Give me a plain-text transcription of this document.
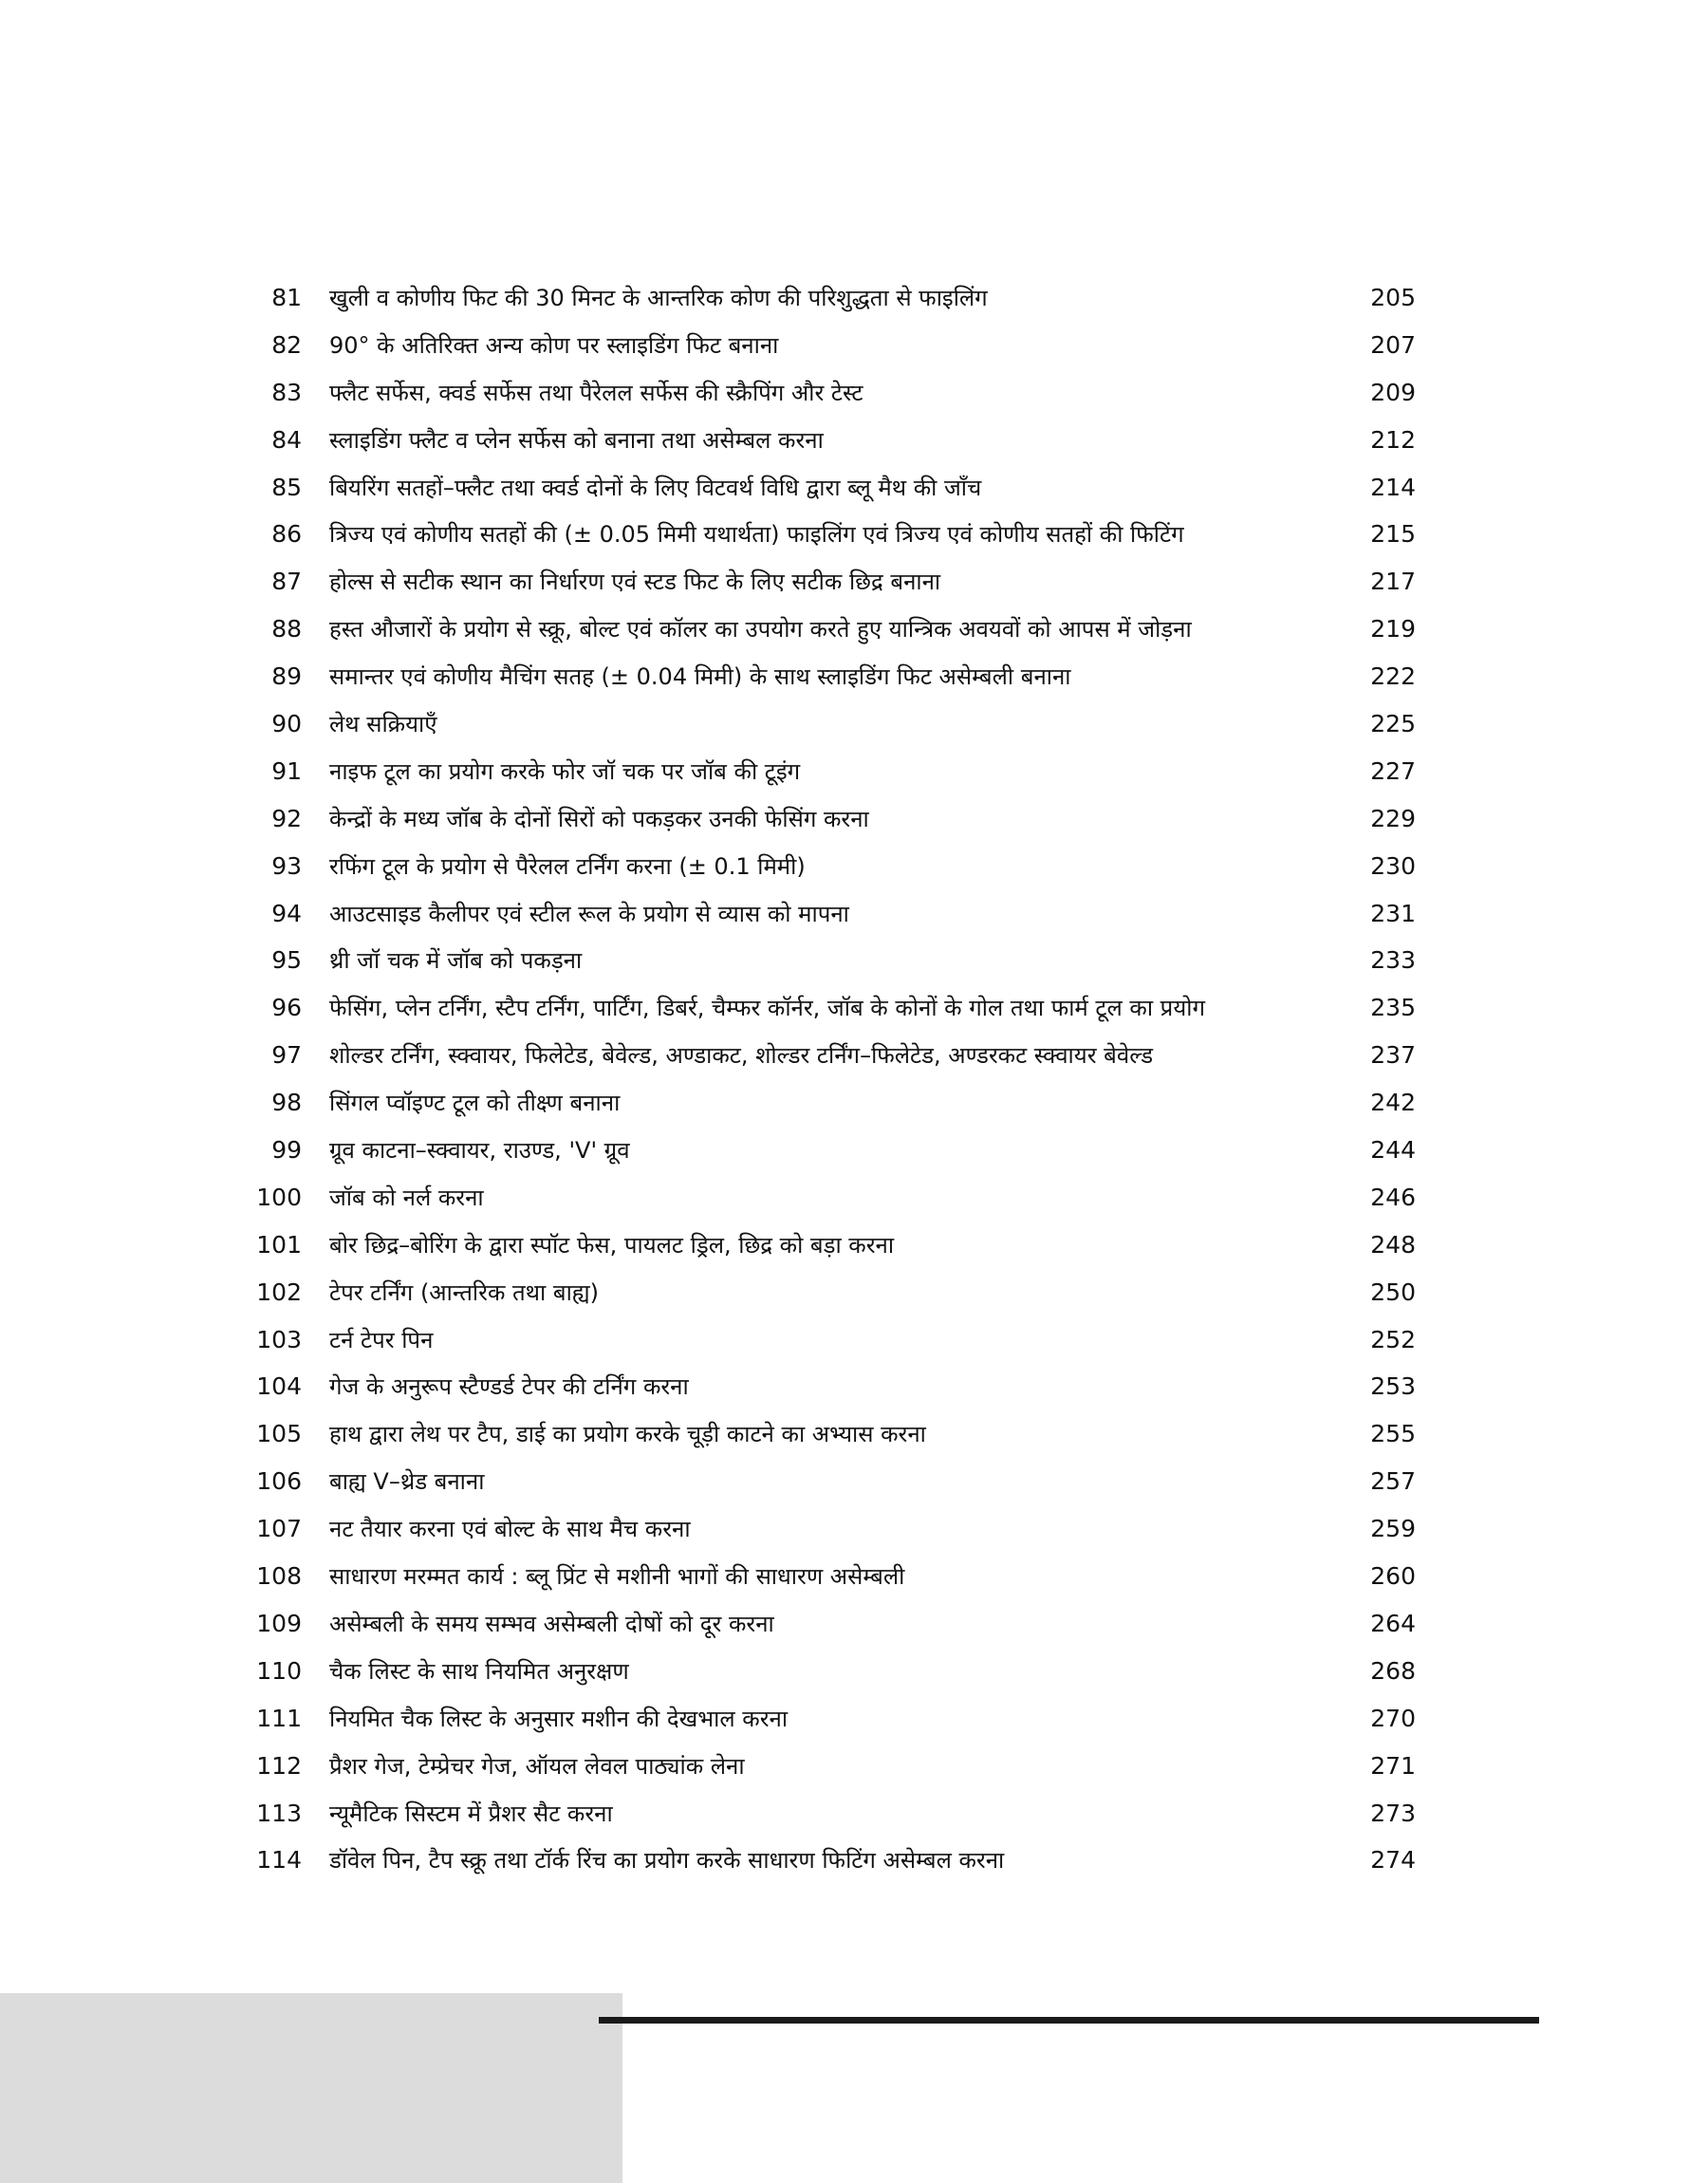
81 खुली व कोणीय फिट की 30 मिनट के आन्तरिक कोण की परिशुद्धता से फाइलिंग	205
82 90° के अतिरिक्त अन्य कोण पर स्लाइडिंग फिट बनाना	207
83 फ्लैट सर्फेस, क्वर्ड सर्फेस तथा पैरेलल सर्फेस की स्क्रैपिंग और टेस्ट	209
84 स्लाइडिंग फ्लैट व प्लेन सर्फेस को बनाना तथा असेम्बल करना	212
85 बियरिंग सतहों–फ्लैट तथा क्वर्ड दोनों के लिए विटवर्थ विधि द्वारा ब्लू मैथ की जाँच	214
86 त्रिज्य एवं कोणीय सतहों की (± 0.05 मिमी यथार्थता) फाइलिंग एवं त्रिज्य एवं कोणीय सतहों की फिटिंग	215
87 होल्स से सटीक स्थान का निर्धारण एवं स्टड फिट के लिए सटीक छिद्र बनाना	217
88 हस्त औजारों के प्रयोग से स्क्रू, बोल्ट एवं कॉलर का उपयोग करते हुए यान्त्रिक अवयवों को आपस में जोड़ना	219
89 समान्तर एवं कोणीय मैचिंग सतह (± 0.04 मिमी) के साथ स्लाइडिंग फिट असेम्बली बनाना	222
90 लेथ सक्रियाएँ	225
91 नाइफ टूल का प्रयोग करके फोर जॉ चक पर जॉब की टूइंग	227
92 केन्द्रों के मध्य जॉब के दोनों सिरों को पकड़कर उनकी फेसिंग करना	229
93 रफिंग टूल के प्रयोग से पैरेलल टर्निंग करना (± 0.1 मिमी)	230
94 आउटसाइड कैलीपर एवं स्टील रूल के प्रयोग से व्यास को मापना	231
95 थ्री जॉ चक में जॉब को पकड़ना	233
96 फेसिंग, प्लेन टर्निंग, स्टैप टर्निंग, पार्टिंग, डिबर्र, चैम्फर कॉर्नर, जॉब के कोनों के गोल तथा फार्म टूल का प्रयोग	235
97 शोल्डर टर्निंग, स्क्वायर, फिलेटेड, बेवेल्ड, अण्डाकट, शोल्डर टर्निंग–फिलेटेड, अण्डरकट स्क्वायर बेवेल्ड	237
98 सिंगल प्वॉइण्ट टूल को तीक्ष्ण बनाना	242
99 ग्रूव काटना–स्क्वायर, राउण्ड, 'V' ग्रूव	244
100 जॉब को नर्ल करना	246
101 बोर छिद्र–बोरिंग के द्वारा स्पॉट फेस, पायलट ड्रिल, छिद्र को बड़ा करना	248
102 टेपर टर्निंग (आन्तरिक तथा बाह्य)	250
103 टर्न टेपर पिन	252
104 गेज के अनुरूप स्टैण्डर्ड टेपर की टर्निंग करना	253
105 हाथ द्वारा लेथ पर टैप, डाई का प्रयोग करके चूड़ी काटने का अभ्यास करना	255
106 बाह्य V–थ्रेड बनाना	257
107 नट तैयार करना एवं बोल्ट के साथ मैच करना	259
108 साधारण मरम्मत कार्य : ब्लू प्रिंट से मशीनी भागों की साधारण असेम्बली	260
109 असेम्बली के समय सम्भव असेम्बली दोषों को दूर करना	264
110 चैक लिस्ट के साथ नियमित अनुरक्षण	268
111 नियमित चैक लिस्ट के अनुसार मशीन की देखभाल करना	270
112 प्रैशर गेज, टेम्प्रेचर गेज, ऑयल लेवल पाठ्यांक लेना	271
113 न्यूमैटिक सिस्टम में प्रैशर सैट करना	273
114 डॉवेल पिन, टैप स्क्रू तथा टॉर्क रिंच का प्रयोग करके साधारण फिटिंग असेम्बल करना	274
